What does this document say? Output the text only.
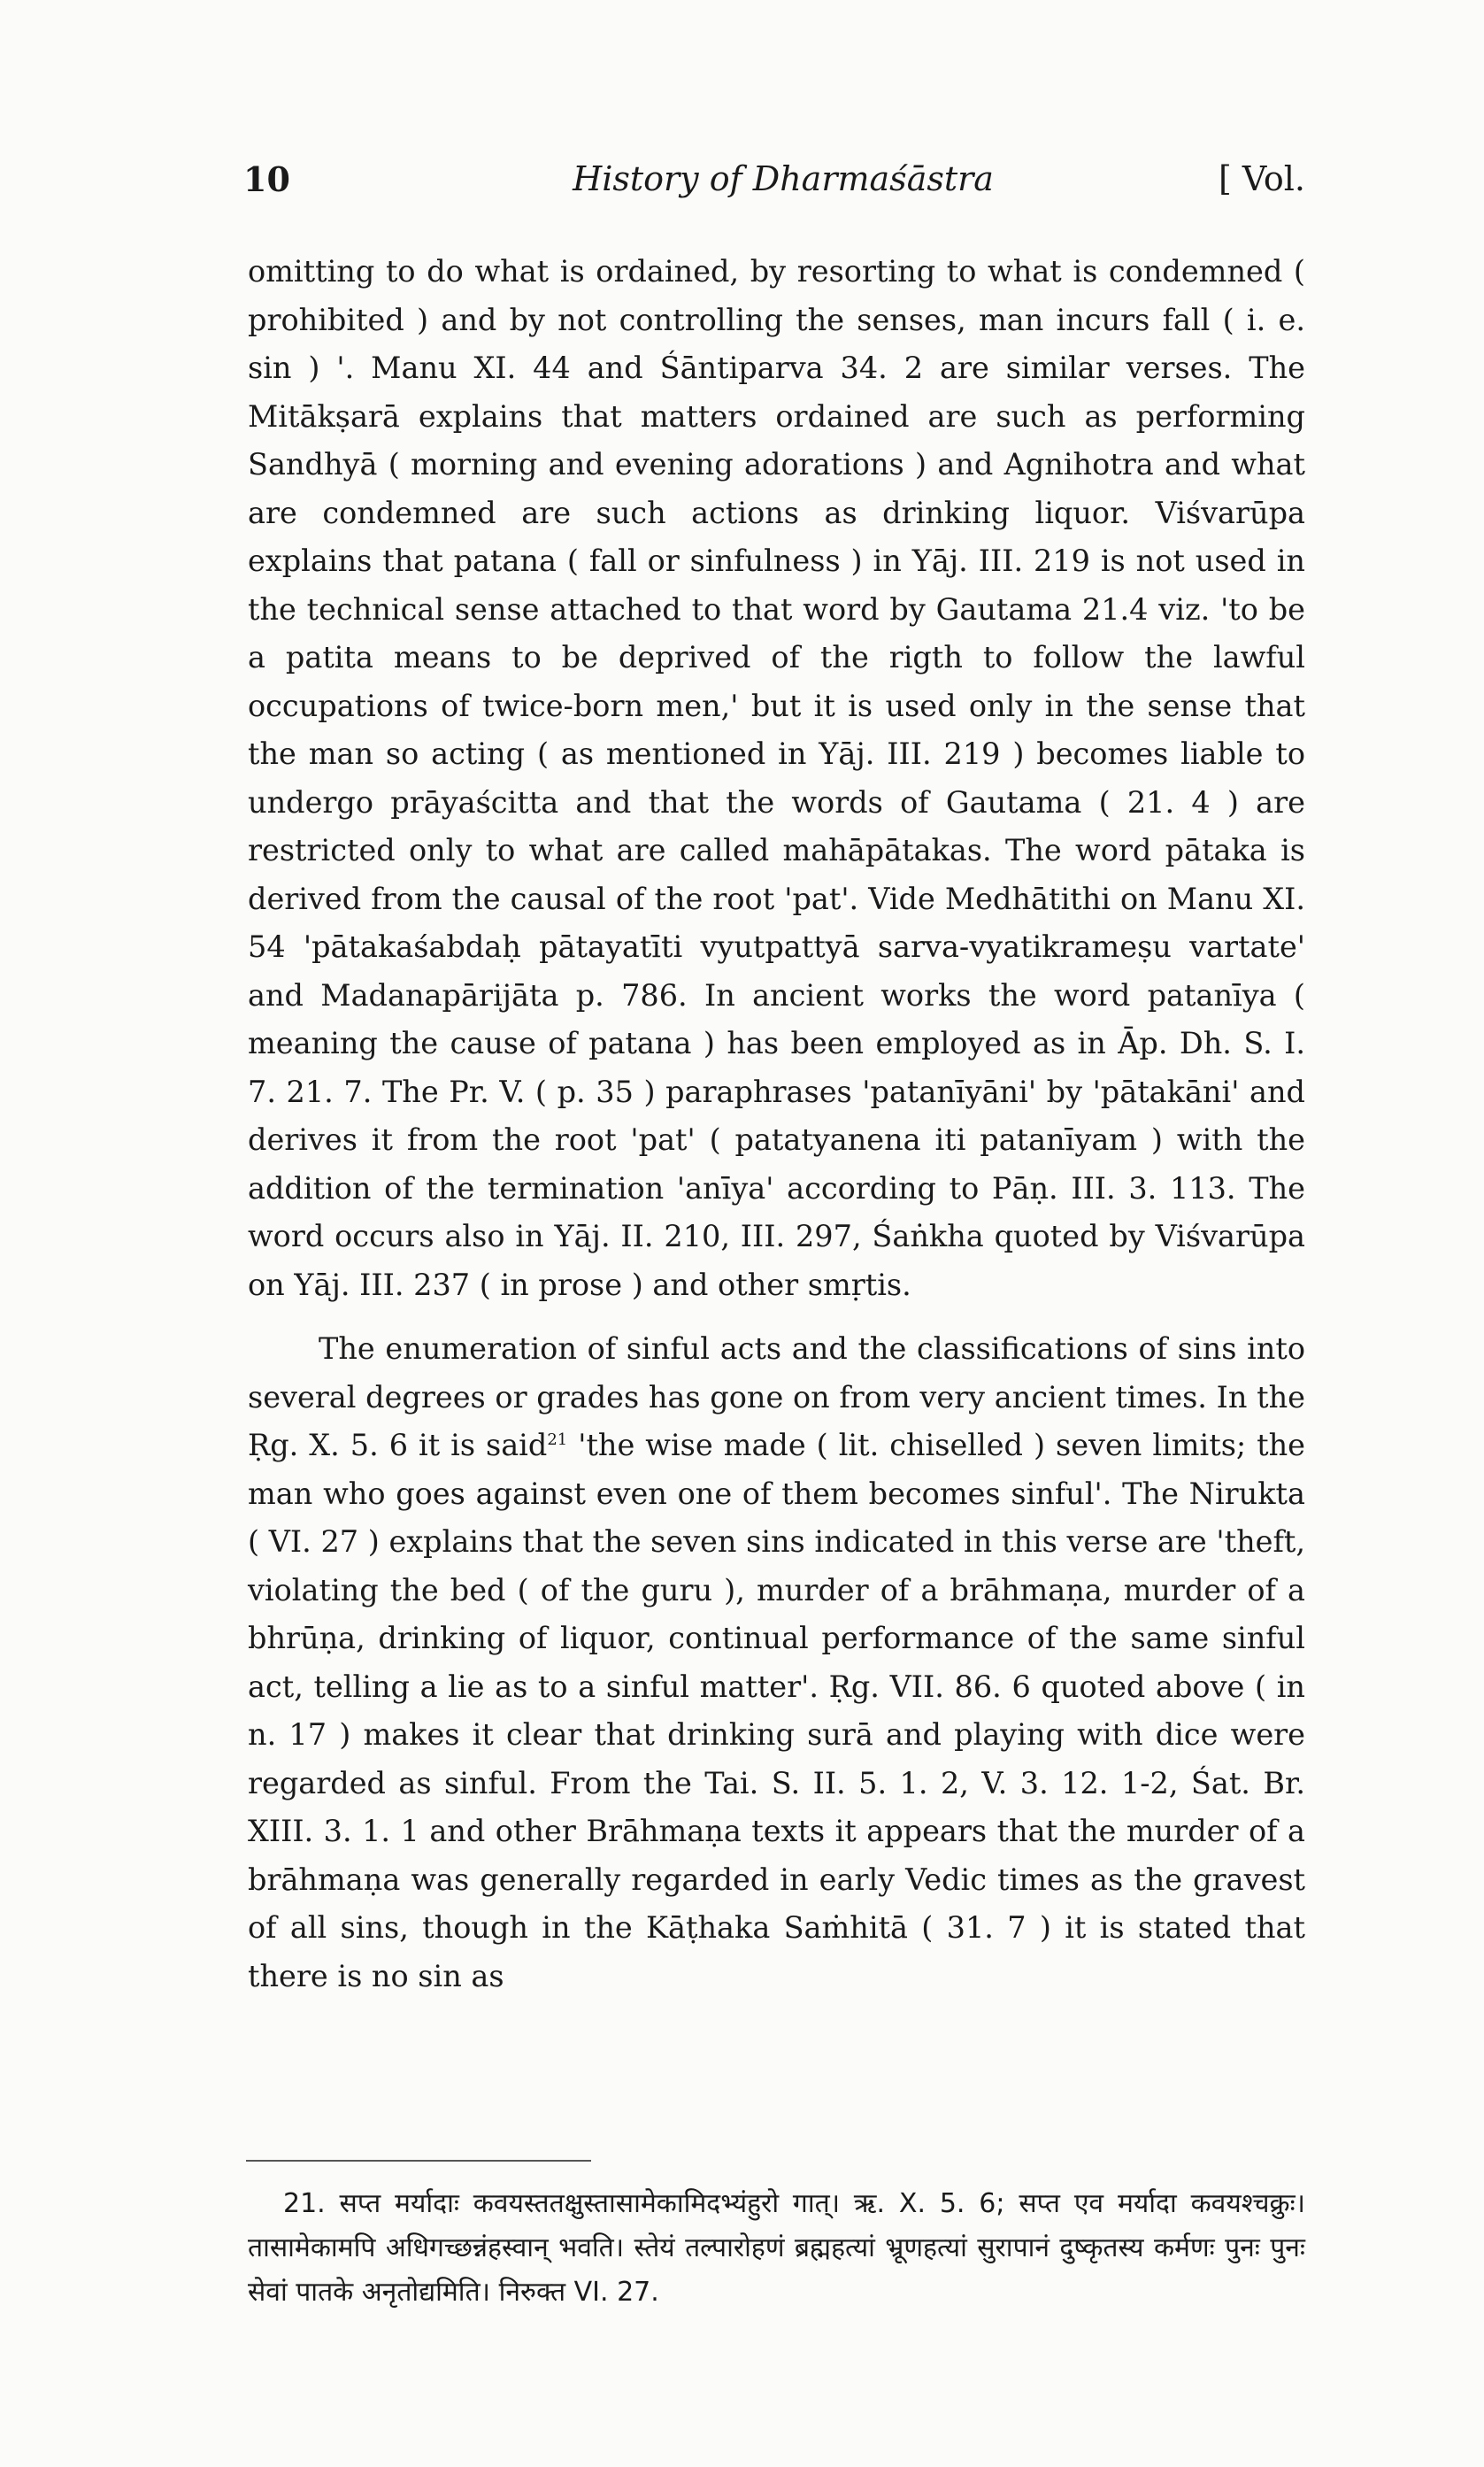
10	History of Dharmaśāstra	[ Vol.

omitting to do what is ordained, by resorting to what is condemned ( prohibited ) and by not controlling the senses, man incurs fall ( i. e. sin ) '. Manu XI. 44 and Śāntiparva 34. 2 are similar verses. The Mitākṣarā explains that matters ordained are such as performing Sandhyā ( morning and evening adorations ) and Agnihotra and what are condemned are such actions as drinking liquor. Viśvarūpa explains that patana ( fall or sinfulness ) in Yāj. III. 219 is not used in the technical sense attached to that word by Gautama 21.4 viz. 'to be a patita means to be deprived of the rigth to follow the lawful occupations of twice-born men,' but it is used only in the sense that the man so acting ( as mentioned in Yāj. III. 219 ) becomes liable to undergo prāyaścitta and that the words of Gautama ( 21. 4 ) are restricted only to what are called mahāpātakas. The word pātaka is derived from the causal of the root 'pat'. Vide Medhātithi on Manu XI. 54 'pātakaśabdaḥ pātayatīti vyutpattyā sarva-vyatikrameṣu vartate' and Madanapārijāta p. 786. In ancient works the word patanīya ( meaning the cause of patana ) has been employed as in Āp. Dh. S. I. 7. 21. 7. The Pr. V. ( p. 35 ) paraphrases 'patanīyāni' by 'pātakāni' and derives it from the root 'pat' ( patatyanena iti patanīyam ) with the addition of the termination 'anīya' according to Pāṇ. III. 3. 113. The word occurs also in Yāj. II. 210, III. 297, Śaṅkha quoted by Viśvarūpa on Yāj. III. 237 ( in prose ) and other smṛtis.

The enumeration of sinful acts and the classifications of sins into several degrees or grades has gone on from very ancient times. In the Ṛg. X. 5. 6 it is said$^{21}$ 'the wise made ( lit. chiselled ) seven limits; the man who goes against even one of them becomes sinful'. The Nirukta ( VI. 27 ) explains that the seven sins indicated in this verse are 'theft, violating the bed ( of the guru ), murder of a brāhmaṇa, murder of a bhrūṇa, drinking of liquor, continual performance of the same sinful act, telling a lie as to a sinful matter'. Ṛg. VII. 86. 6 quoted above ( in n. 17 ) makes it clear that drinking surā and playing with dice were regarded as sinful. From the Tai. S. II. 5. 1. 2, V. 3. 12. 1-2, Śat. Br. XIII. 3. 1. 1 and other Brāhmaṇa texts it appears that the murder of a brāhmaṇa was generally regarded in early Vedic times as the gravest of all sins, though in the Kāṭhaka Saṁhitā ( 31. 7 ) it is stated that there is no sin as

21. सप्त मर्यादाः कवयस्ततक्षुस्तासामेकामिदभ्यंहुरो गात्। ऋ. X. 5. 6; सप्त एव मर्यादा कवयश्चक्रुः। तासामेकामपि अधिगच्छन्नंहस्वान् भवति। स्तेयं तल्पारोहणं ब्रह्महत्यां भ्रूणहत्यां सुरापानं दुष्कृतस्य कर्मणः पुनः पुनः सेवां पातके अनृतोद्यमिति। निरुक्त VI. 27.
